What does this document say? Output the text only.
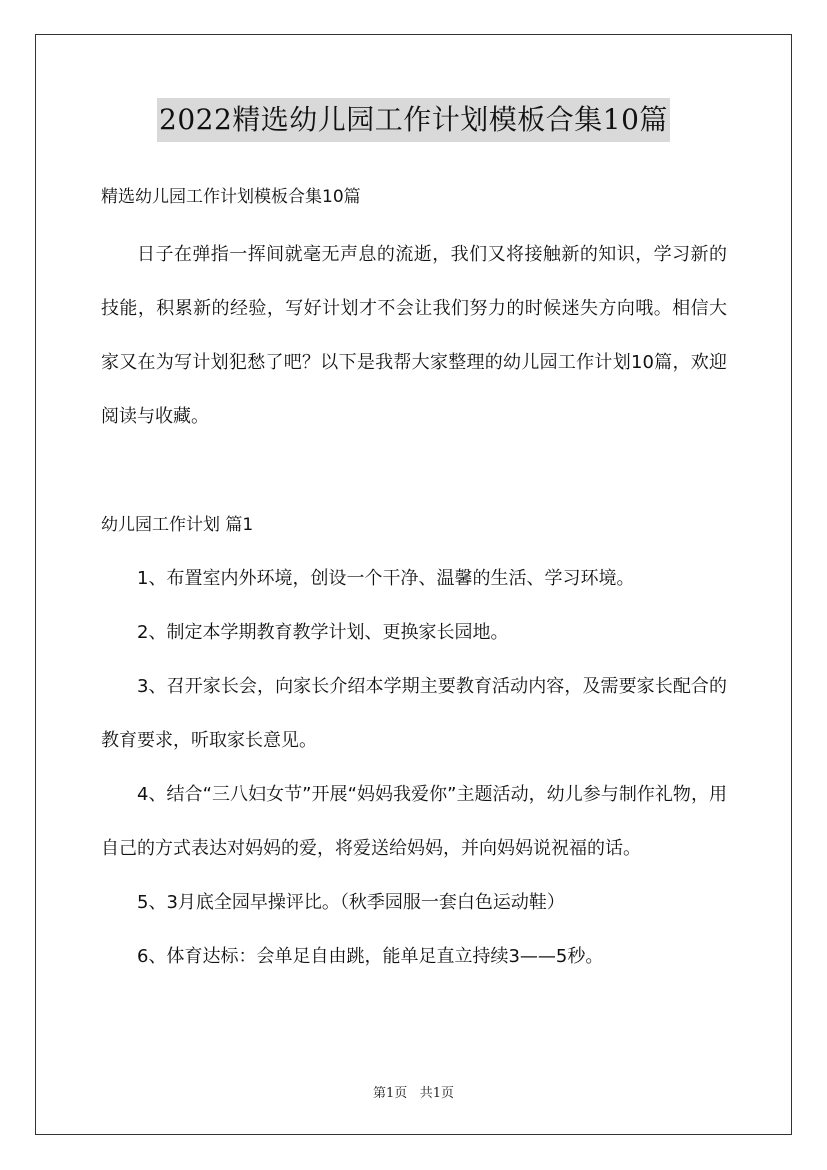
2022精选幼儿园工作计划模板合集10篇

精选幼儿园工作计划模板合集10篇

日子在弹指一挥间就毫无声息的流逝，我们又将接触新的知识，学习新的技能，积累新的经验，写好计划才不会让我们努力的时候迷失方向哦。相信大家又在为写计划犯愁了吧？以下是我帮大家整理的幼儿园工作计划10篇，欢迎阅读与收藏。

幼儿园工作计划 篇1

1、布置室内外环境，创设一个干净、温馨的生活、学习环境。

2、制定本学期教育教学计划、更换家长园地。

3、召开家长会，向家长介绍本学期主要教育活动内容，及需要家长配合的教育要求，听取家长意见。

4、结合“三八妇女节”开展“妈妈我爱你”主题活动，幼儿参与制作礼物，用自己的方式表达对妈妈的爱，将爱送给妈妈，并向妈妈说祝福的话。

5、3月底全园早操评比。（秋季园服一套白色运动鞋）

6、体育达标：会单足自由跳，能单足直立持续3——5秒。

第1页 共1页
